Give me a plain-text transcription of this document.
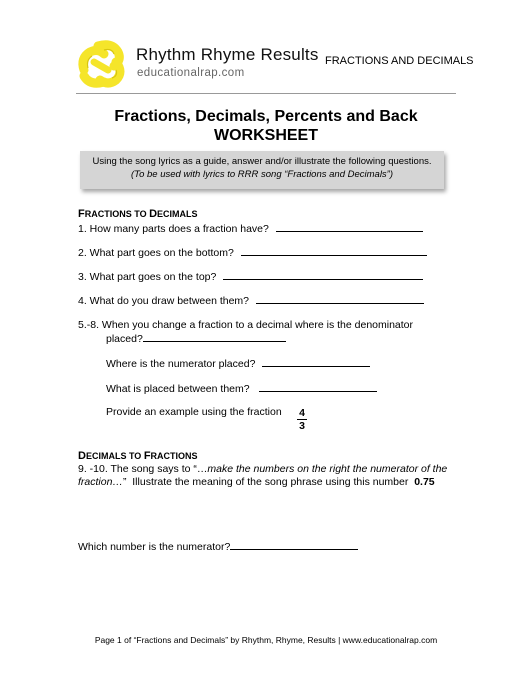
Rhythm Rhyme Results
educationalrap.com
FRACTIONS AND DECIMALS
Fractions, Decimals, Percents and Back
WORKSHEET
Using the song lyrics as a guide, answer and/or illustrate the following questions.
(To be used with lyrics to RRR song “Fractions and Decimals”)
FRACTIONS TO DECIMALS
1. How many parts does a fraction have?
2. What part goes on the bottom?
3. What part goes on the top?
4. What do you draw between them?
5.-8. When you change a fraction to a decimal where is the denominator
placed?
Where is the numerator placed?
What is placed between them?
Provide an example using the fraction $\frac{4}{3}$
DECIMALS TO FRACTIONS
9. -10. The song says to “…make the numbers on the right the numerator of the
fraction…”  Illustrate the meaning of the song phrase using this number  0.75
Which number is the numerator?
Page 1 of “Fractions and Decimals” by Rhythm, Rhyme, Results | www.educationalrap.com
